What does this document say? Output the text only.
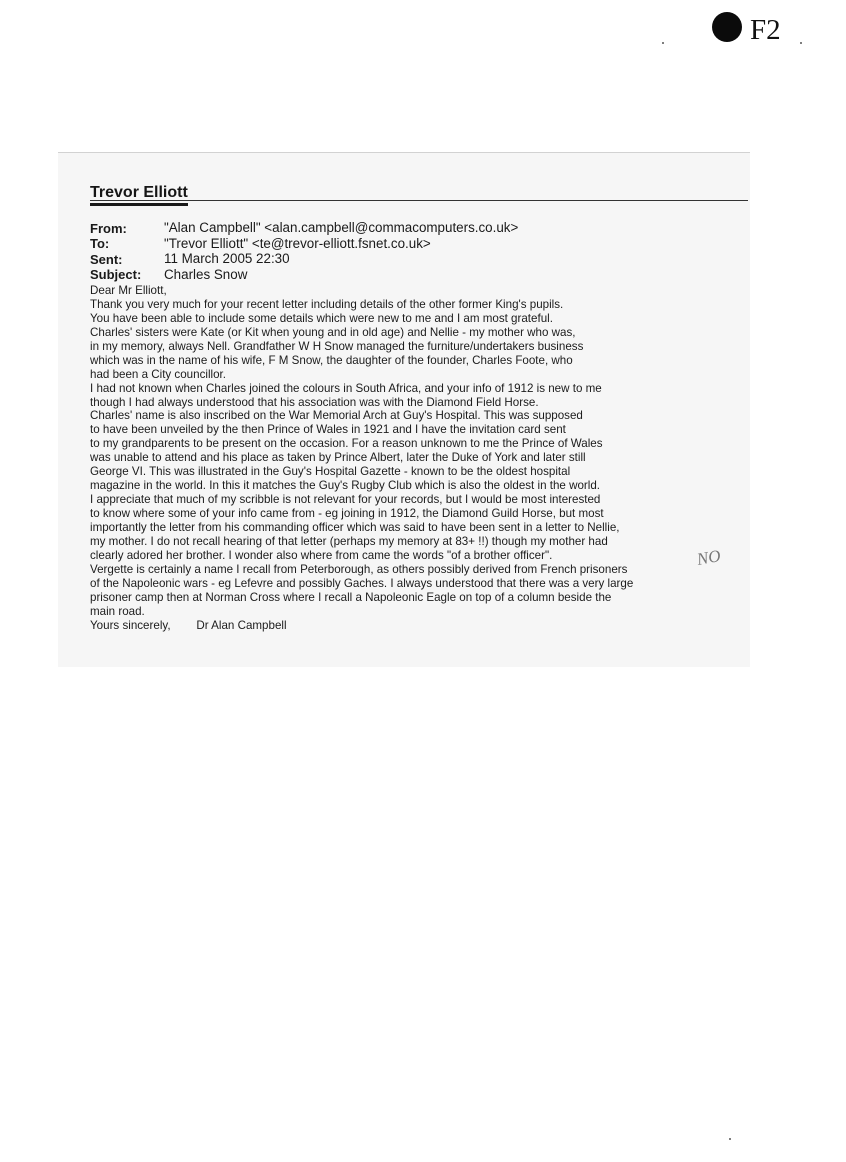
F2
Trevor Elliott
From:	"Alan Campbell" <alan.campbell@commacomputers.co.uk>
To:	"Trevor Elliott" <te@trevor-elliott.fsnet.co.uk>
Sent:	11 March 2005 22:30
Subject: Charles Snow
Dear Mr Elliott,
Thank you very much for your recent letter including details of the other former King's pupils.
You have been able to include some details which were new to me and I am most grateful.
Charles' sisters were Kate (or Kit when young and in old age) and Nellie - my mother who was,
in my memory, always Nell. Grandfather W H Snow managed the furniture/undertakers business
which was in the name of his wife, F M Snow, the daughter of the founder, Charles Foote, who
had been a City councillor.
I had not known when Charles joined the colours in South Africa, and your info of 1912 is new to me
though I had always understood that his association was with the Diamond Field Horse.
Charles' name is also inscribed on the War Memorial Arch at Guy's Hospital. This was supposed
to have been unveiled by the then Prince of Wales in 1921 and I have the invitation card sent
to my grandparents to be present on the occasion. For a reason unknown to me the Prince of Wales
was unable to attend and his place as taken by Prince Albert, later the Duke of York and later still
George VI. This was illustrated in the Guy's Hospital Gazette - known to be the oldest hospital
magazine in the world. In this it matches the Guy's Rugby Club which is also the oldest in the world.
I appreciate that much of my scribble is not relevant for your records, but I would be most interested
to know where some of your info came from - eg joining in 1912, the Diamond Guild Horse, but most
importantly the letter from his commanding officer which was said to have been sent in a letter to Nellie,
my mother. I do not recall hearing of that letter (perhaps my memory at 83+ !!) though my mother had
clearly adored her brother. I wonder also where from came the words "of a brother officer".
Vergette is certainly a name I recall from Peterborough, as others possibly derived from French prisoners
of the Napoleonic wars - eg Lefevre and possibly Gaches. I always understood that there was a very large
prisoner camp then at Norman Cross where I recall a Napoleonic Eagle on top of a column beside the
main road.
Yours sincerely, Dr Alan Campbell
NO
